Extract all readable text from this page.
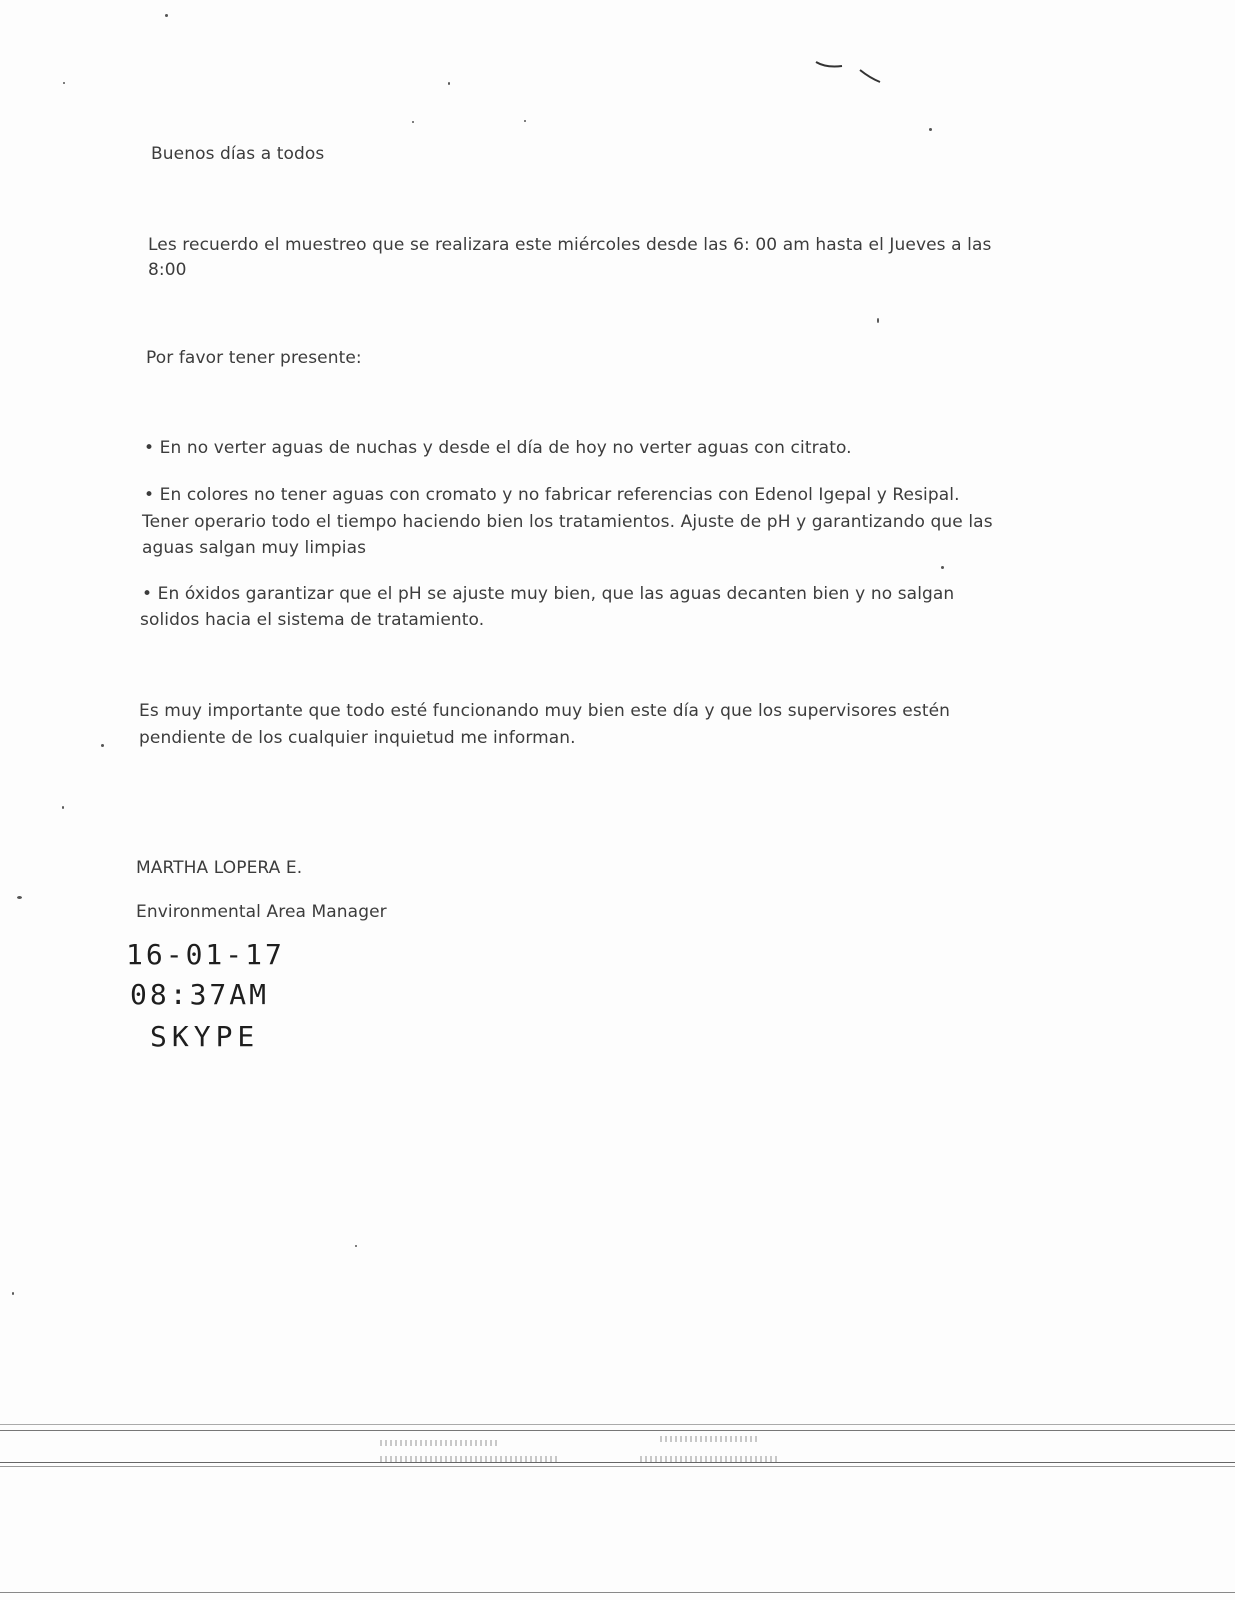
Buenos días a todos
Les recuerdo el muestreo que se realizara este miércoles desde las 6: 00 am hasta el Jueves a las
8:00
Por favor tener presente:
• En no verter aguas de nuchas y desde el día de hoy no verter aguas con citrato.
• En colores no tener aguas con cromato y no fabricar referencias con Edenol Igepal y Resipal.
Tener operario todo el tiempo haciendo bien los tratamientos. Ajuste de pH y garantizando que las
aguas salgan muy limpias
• En óxidos garantizar que el pH se ajuste muy bien, que las aguas decanten bien y no salgan
solidos hacia el sistema de tratamiento.
Es muy importante que todo esté funcionando muy bien este día y que los supervisores estén
pendiente de los cualquier inquietud me informan.
MARTHA LOPERA E.
Environmental Area Manager
16-01-17
08:37AM
SKYPE
